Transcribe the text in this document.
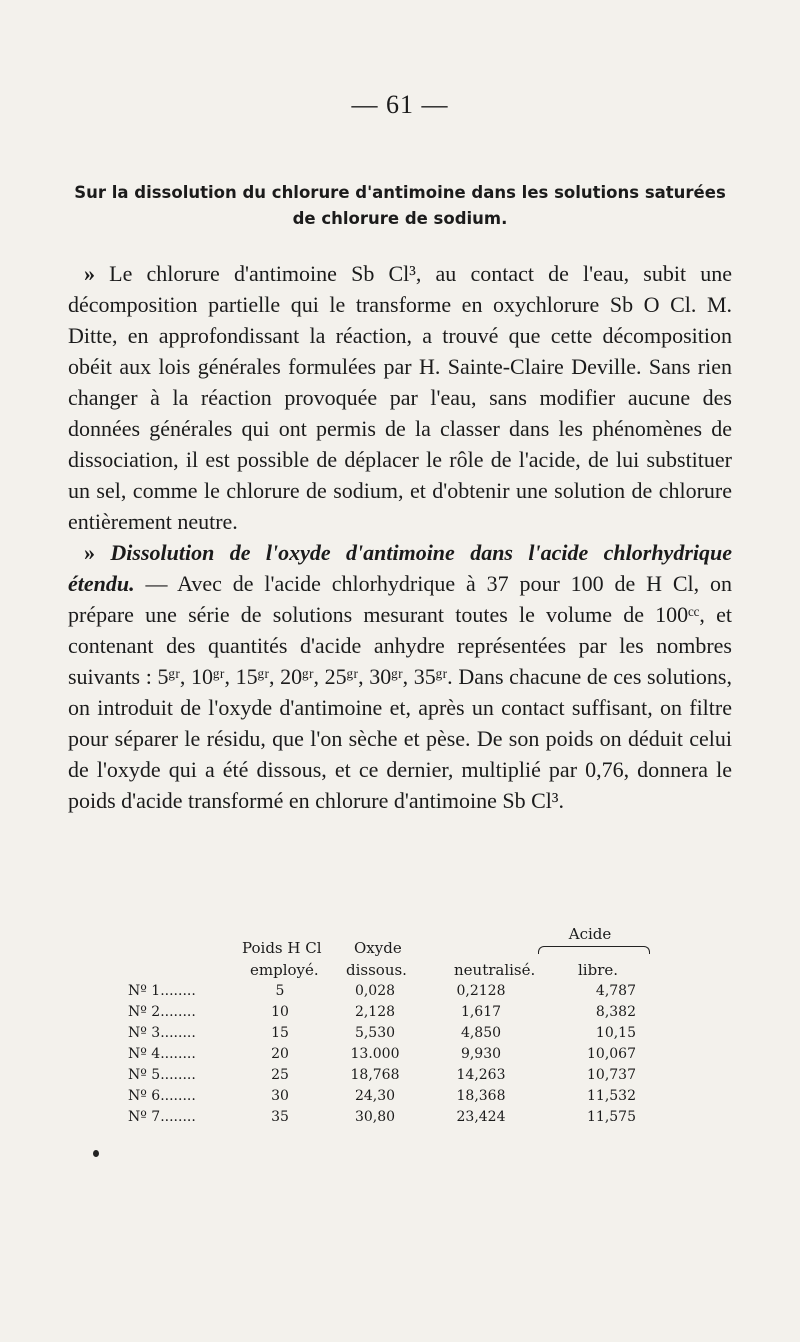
— 61 —
Sur la dissolution du chlorure d'antimoine dans les solutions saturées de chlorure de sodium.

» Le chlorure d'antimoine Sb Cl³, au contact de l'eau, subit une décomposition partielle qui le transforme en oxychlorure Sb O Cl. M. Ditte, en approfondissant la réaction, a trouvé que cette décomposition obéit aux lois générales formulées par H. Sainte-Claire Deville. Sans rien changer à la réaction provoquée par l'eau, sans modifier aucune des données générales qui ont permis de la classer dans les phénomènes de dissociation, il est possible de déplacer le rôle de l'acide, de lui substituer un sel, comme le chlorure de sodium, et d'obtenir une solution de chlorure entièrement neutre.

» Dissolution de l'oxyde d'antimoine dans l'acide chlorhydrique étendu. — Avec de l'acide chlorhydrique à 37 pour 100 de H Cl, on prépare une série de solutions mesurant toutes le volume de 100ᶜᶜ, et contenant des quantités d'acide anhydre représentées par les nombres suivants : 5ᵍʳ, 10ᵍʳ, 15ᵍʳ, 20ᵍʳ, 25ᵍʳ, 30ᵍʳ, 35ᵍʳ. Dans chacune de ces solutions, on introduit de l'oxyde d'antimoine et, après un contact suffisant, on filtre pour séparer le résidu, que l'on sèche et pèse. De son poids on déduit celui de l'oxyde qui a été dissous, et ce dernier, multiplié par 0,76, donnera le poids d'acide transformé en chlorure d'antimoine Sb Cl³.

Acide
Poids H Cl Oxyde
employé. dissous.	neutralisé.	libre.
Nº 1........	5	0,028	0,2128	4,787
Nº 2........	10	2,128	1,617	8,382
Nº 3........	15	5,530	4,850	10,15
Nº 4........	20	13.000	9,930	10,067
Nº 5........	25	18,768	14,263	10,737
Nº 6........	30	24,30	18,368	11,532
Nº 7........	35	30,80	23,424	11,575
